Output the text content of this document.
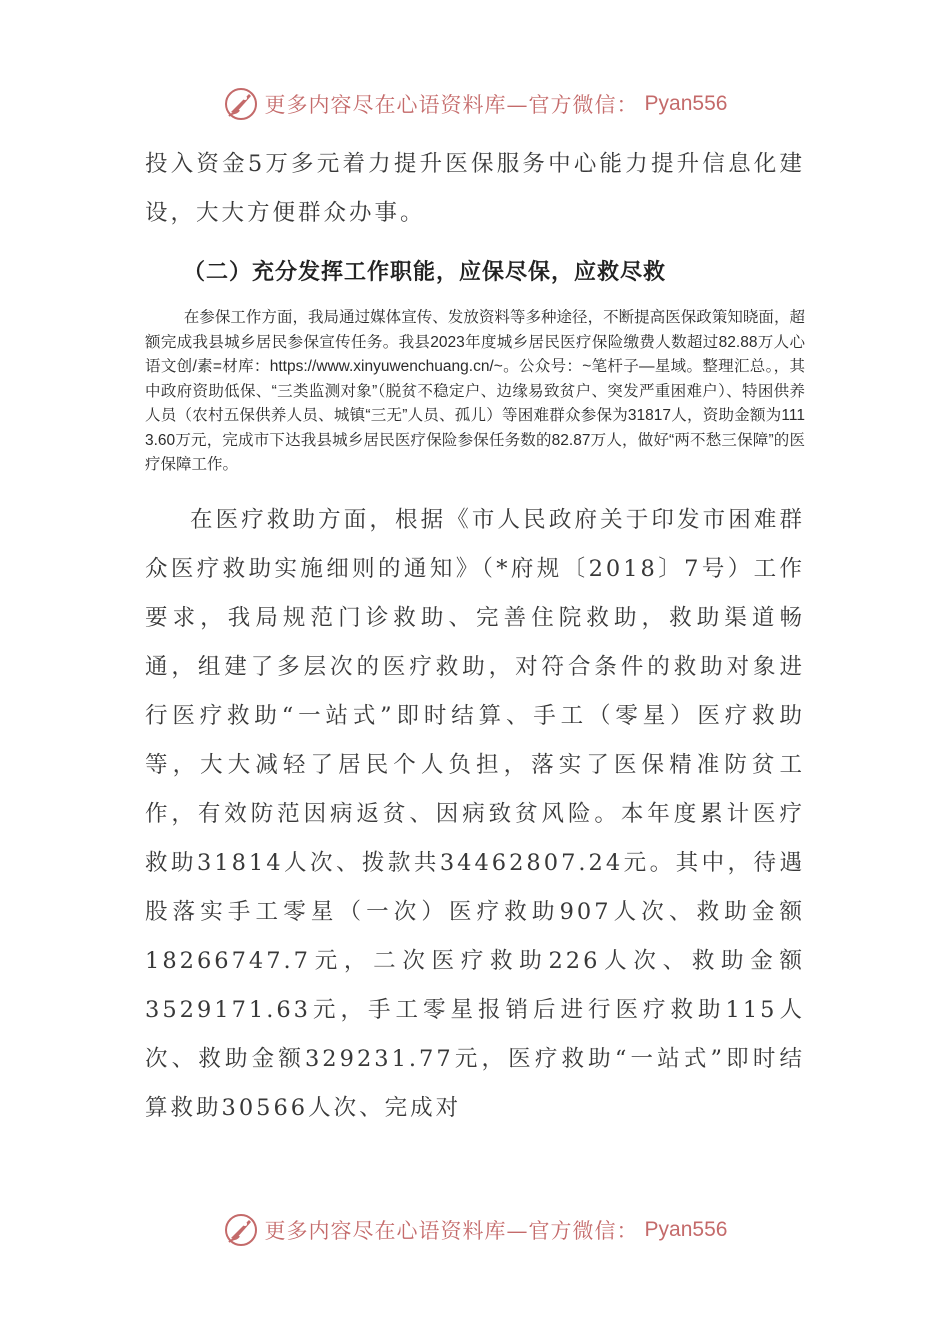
更多内容尽在心语资料库—官方微信： Pyan556

投入资金5万多元着力提升医保服务中心能力提升信息化建设，大大方便群众办事。

（二）充分发挥工作职能，应保尽保，应救尽救

在参保工作方面，我局通过媒体宣传、发放资料等多种途径，不断提高医保政策知晓面，超额完成我县城乡居民参保宣传任务。我县2023年度城乡居民医疗保险缴费人数超过82.88万人心语文创/素=材库：https://www.xinyuwenchuang.cn/~。公众号：~笔杆子—星域。整理汇总。，其中政府资助低保、“三类监测对象”（脱贫不稳定户、边缘易致贫户、突发严重困难户）、特困供养人员（农村五保供养人员、城镇“三无”人员、孤儿）等困难群众参保为31817人，资助金额为1113.60万元，完成市下达我县城乡居民医疗保险参保任务数的82.87万人，做好“两不愁三保障”的医疗保障工作。

在医疗救助方面，根据《市人民政府关于印发市困难群众医疗救助实施细则的通知》（*府规〔2018〕7号）工作要求，我局规范门诊救助、完善住院救助，救助渠道畅通，组建了多层次的医疗救助，对符合条件的救助对象进行医疗救助“一站式”即时结算、手工（零星）医疗救助等，大大减轻了居民个人负担，落实了医保精准防贫工作，有效防范因病返贫、因病致贫风险。本年度累计医疗救助31814人次、拨款共34462807.24元。其中，待遇股落实手工零星（一次）医疗救助907人次、救助金额18266747.7元，二次医疗救助226人次、救助金额3529171.63元，手工零星报销后进行医疗救助115人次、救助金额329231.77元，医疗救助“一站式”即时结算救助30566人次、完成对

更多内容尽在心语资料库—官方微信： Pyan556
